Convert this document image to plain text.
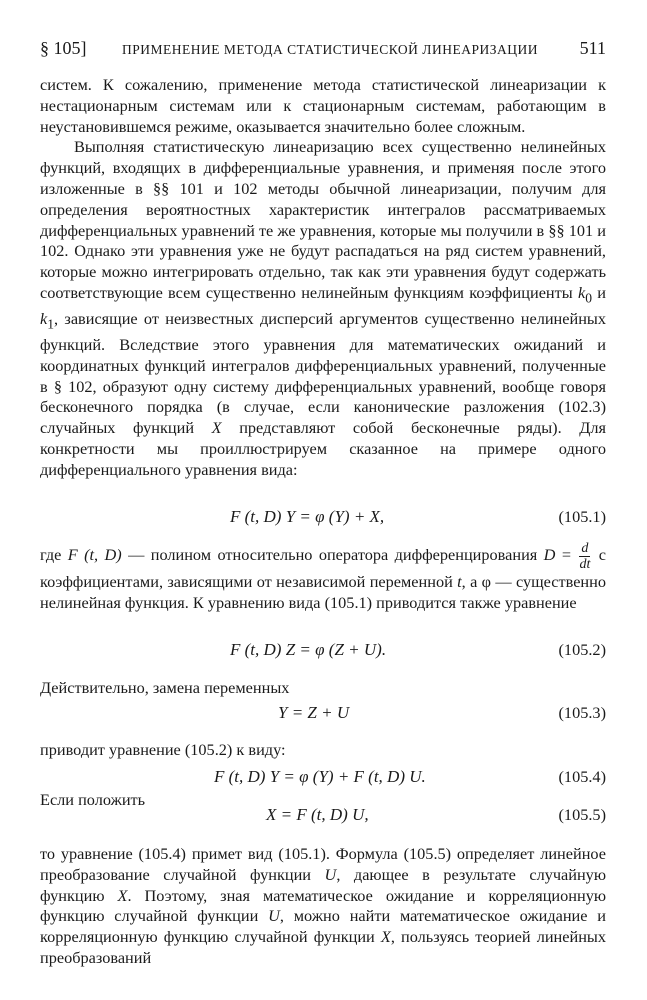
§ 105]	ПРИМЕНЕНИЕ МЕТОДА СТАТИСТИЧЕСКОЙ ЛИНЕАРИЗАЦИИ 511

систем. К сожалению, применение метода статистической линеаризации к нестационарным системам или к стационарным системам, работающим в неустановившемся режиме, оказывается значительно более сложным.

Выполняя статистическую линеаризацию всех существенно нелинейных функций, входящих в дифференциальные уравнения, и применяя после этого изложенные в §§ 101 и 102 методы обычной линеаризации, получим для определения вероятностных характеристик интегралов рассматриваемых дифференциальных уравнений те же уравнения, которые мы получили в §§ 101 и 102. Однако эти уравнения уже не будут распадаться на ряд систем уравнений, которые можно интегрировать отдельно, так как эти уравнения будут содержать соответствующие всем существенно нелинейным функциям коэффициенты $k_0$ и $k_1$, зависящие от неизвестных дисперсий аргументов существенно нелинейных функций. Вследствие этого уравнения для математических ожиданий и координатных функций интегралов дифференциальных уравнений, полученные в § 102, образуют одну систему дифференциальных уравнений, вообще говоря бесконечного порядка (в случае, если канонические разложения (102.3) случайных функций X представляют собой бесконечные ряды). Для конкретности мы проиллюстрируем сказанное на примере одного дифференциального уравнения вида:

F (t, D) Y = φ (Y) + X,	(105.1)

где F (t, D) — полином относительно оператора дифференцирования $D = \frac{d}{dt}$ с коэффициентами, зависящими от независимой переменной t, а φ — существенно нелинейная функция. К уравнению вида (105.1) приводится также уравнение

F (t, D) Z = φ (Z + U).	(105.2)

Действительно, замена переменных

Y = Z + U	(105.3)

приводит уравнение (105.2) к виду:

F (t, D) Y = φ (Y) + F (t, D) U.	(105.4)

Если положить

X = F (t, D) U,	(105.5)

то уравнение (105.4) примет вид (105.1). Формула (105.5) определяет линейное преобразование случайной функции U, дающее в результате случайную функцию X. Поэтому, зная математическое ожидание и корреляционную функцию случайной функции U, можно найти математическое ожидание и корреляционную функцию случайной функции X, пользуясь теорией линейных преобразований
